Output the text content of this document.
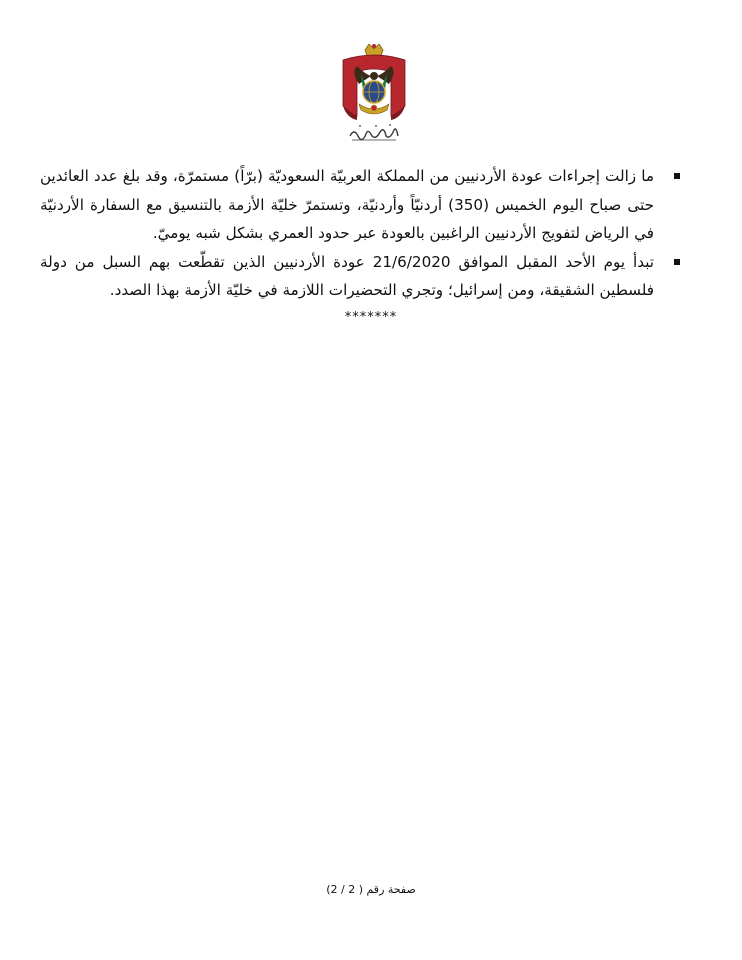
ما زالت إجراءات عودة الأردنيين من المملكة العربيّة السعوديّة (برّاً) مستمرّة، وقد بلغ عدد العائدين حتى صباح اليوم الخميس (350) أردنيّاً وأردنيّة، وتستمرّ خليّة الأزمة بالتنسيق مع السفارة الأردنيّة في الرياض لتفويج الأردنيين الراغبين بالعودة عبر حدود العمري بشكل شبه يوميّ.
تبدأ يوم الأحد المقبل الموافق 21/6/2020 عودة الأردنيين الذين تقطّعت بهم السبل من دولة فلسطين الشقيقة، ومن إسرائيل؛ وتجري التحضيرات اللازمة في خليّة الأزمة بهذا الصدد.
*******
صفحة رقم ( 2 / 2)
